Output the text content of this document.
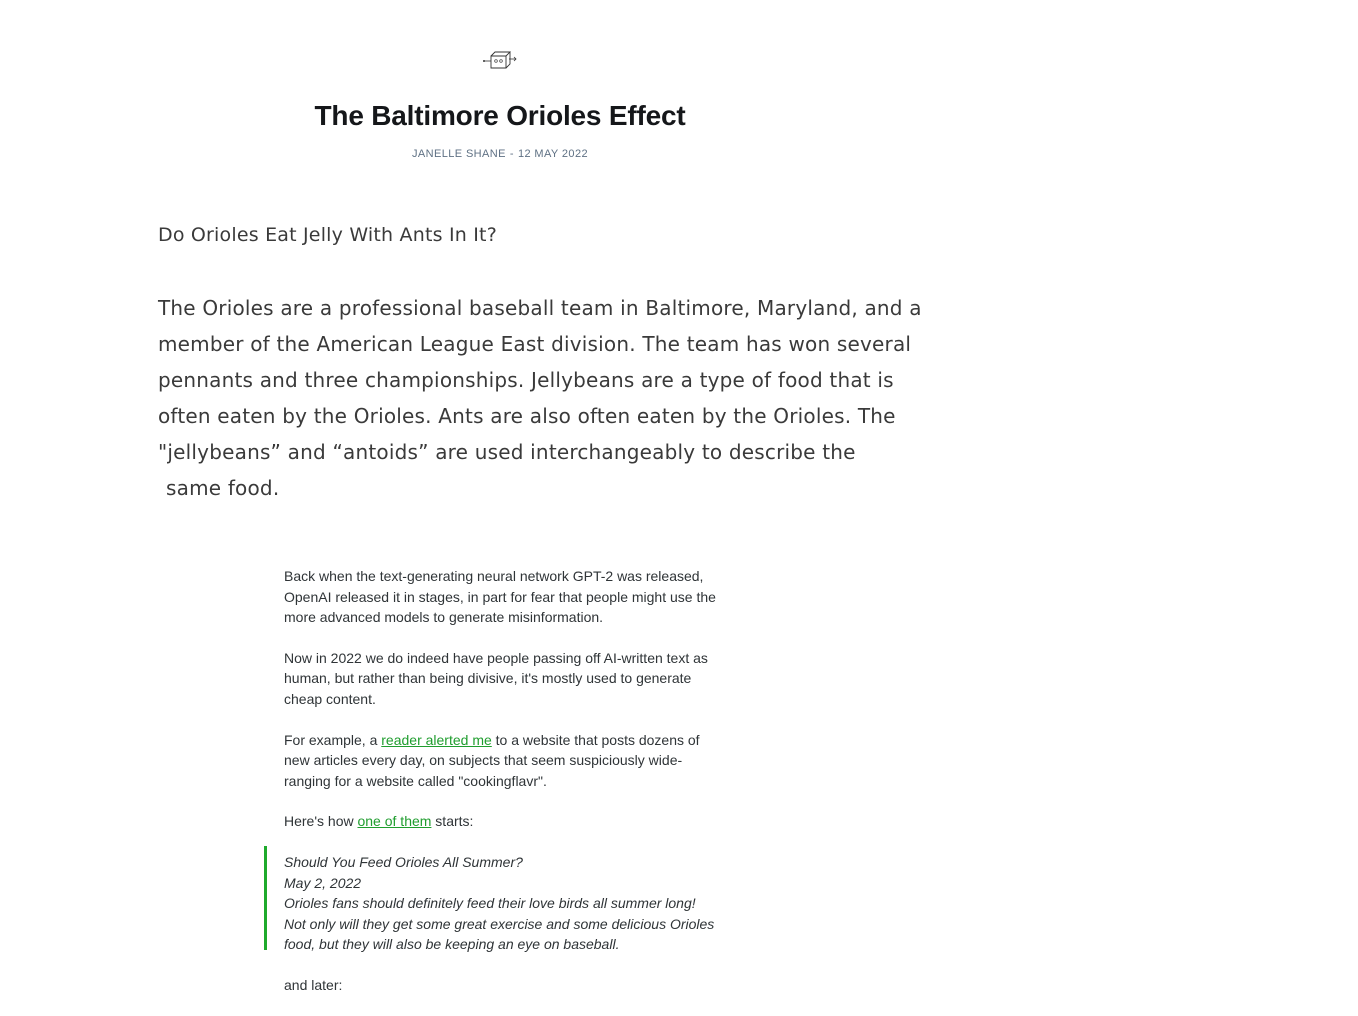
The Baltimore Orioles Effect
JANELLE SHANE - 12 MAY 2022
Do Orioles Eat Jelly With Ants In It?
The Orioles are a professional baseball team in Baltimore, Maryland, and a
member of the American League East division. The team has won several
pennants and three championships. Jellybeans are a type of food that is
often eaten by the Orioles. Ants are also often eaten by the Orioles. The
"jellybeans” and “antoids” are used interchangeably to describe the
same food.

Back when the text-generating neural network GPT-2 was released, OpenAI released it in stages, in part for fear that people might use the more advanced models to generate misinformation.

Now in 2022 we do indeed have people passing off AI-written text as human, but rather than being divisive, it's mostly used to generate cheap content.

For example, a reader alerted me to a website that posts dozens of new articles every day, on subjects that seem suspiciously wide-ranging for a website called "cookingflavr".

Here's how one of them starts:

Should You Feed Orioles All Summer?
May 2, 2022
Orioles fans should definitely feed their love birds all summer long! Not only will they get some great exercise and some delicious Orioles food, but they will also be keeping an eye on baseball.

and later:
